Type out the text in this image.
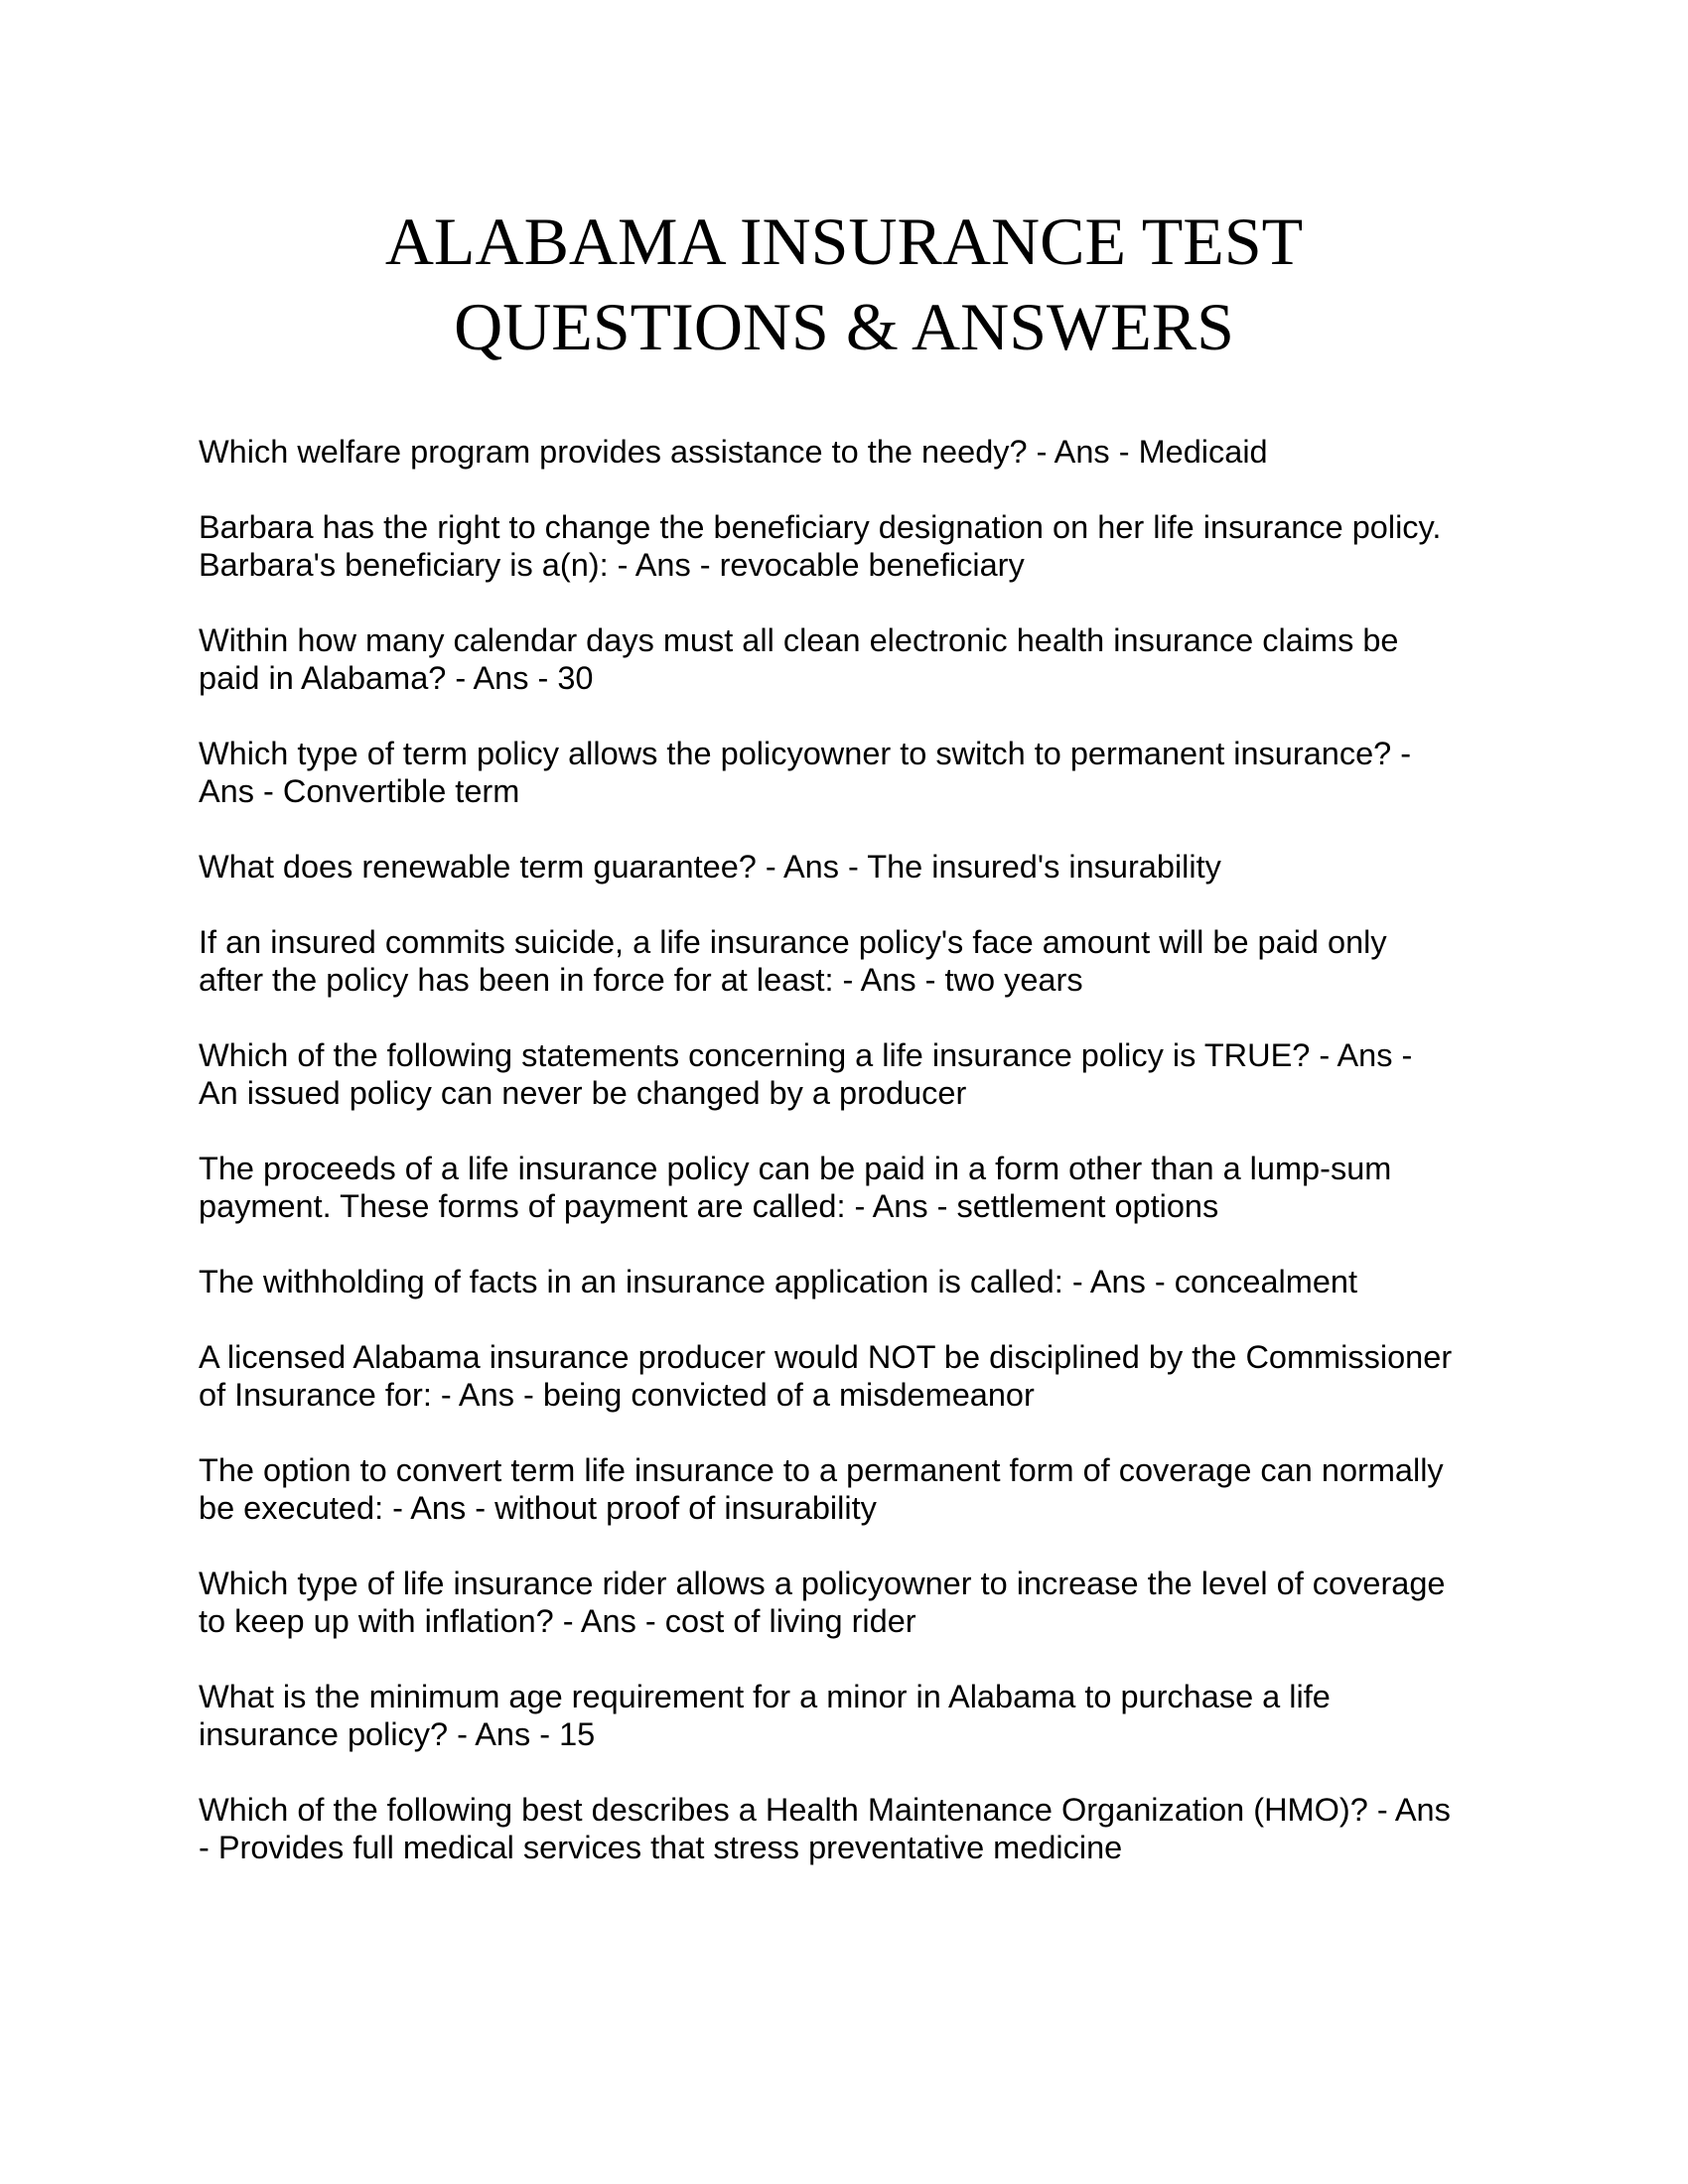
ALABAMA INSURANCE TEST
QUESTIONS & ANSWERS
Which welfare program provides assistance to the needy? - Ans - Medicaid
Barbara has the right to change the beneficiary designation on her life insurance policy.
Barbara's beneficiary is a(n): - Ans - revocable beneficiary
Within how many calendar days must all clean electronic health insurance claims be
paid in Alabama? - Ans - 30
Which type of term policy allows the policyowner to switch to permanent insurance? -
Ans - Convertible term
What does renewable term guarantee? - Ans - The insured's insurability
If an insured commits suicide, a life insurance policy's face amount will be paid only
after the policy has been in force for at least: - Ans - two years
Which of the following statements concerning a life insurance policy is TRUE? - Ans -
An issued policy can never be changed by a producer
The proceeds of a life insurance policy can be paid in a form other than a lump-sum
payment. These forms of payment are called: - Ans - settlement options
The withholding of facts in an insurance application is called: - Ans - concealment
A licensed Alabama insurance producer would NOT be disciplined by the Commissioner
of Insurance for: - Ans - being convicted of a misdemeanor
The option to convert term life insurance to a permanent form of coverage can normally
be executed: - Ans - without proof of insurability
Which type of life insurance rider allows a policyowner to increase the level of coverage
to keep up with inflation? - Ans - cost of living rider
What is the minimum age requirement for a minor in Alabama to purchase a life
insurance policy? - Ans - 15
Which of the following best describes a Health Maintenance Organization (HMO)? - Ans
- Provides full medical services that stress preventative medicine
